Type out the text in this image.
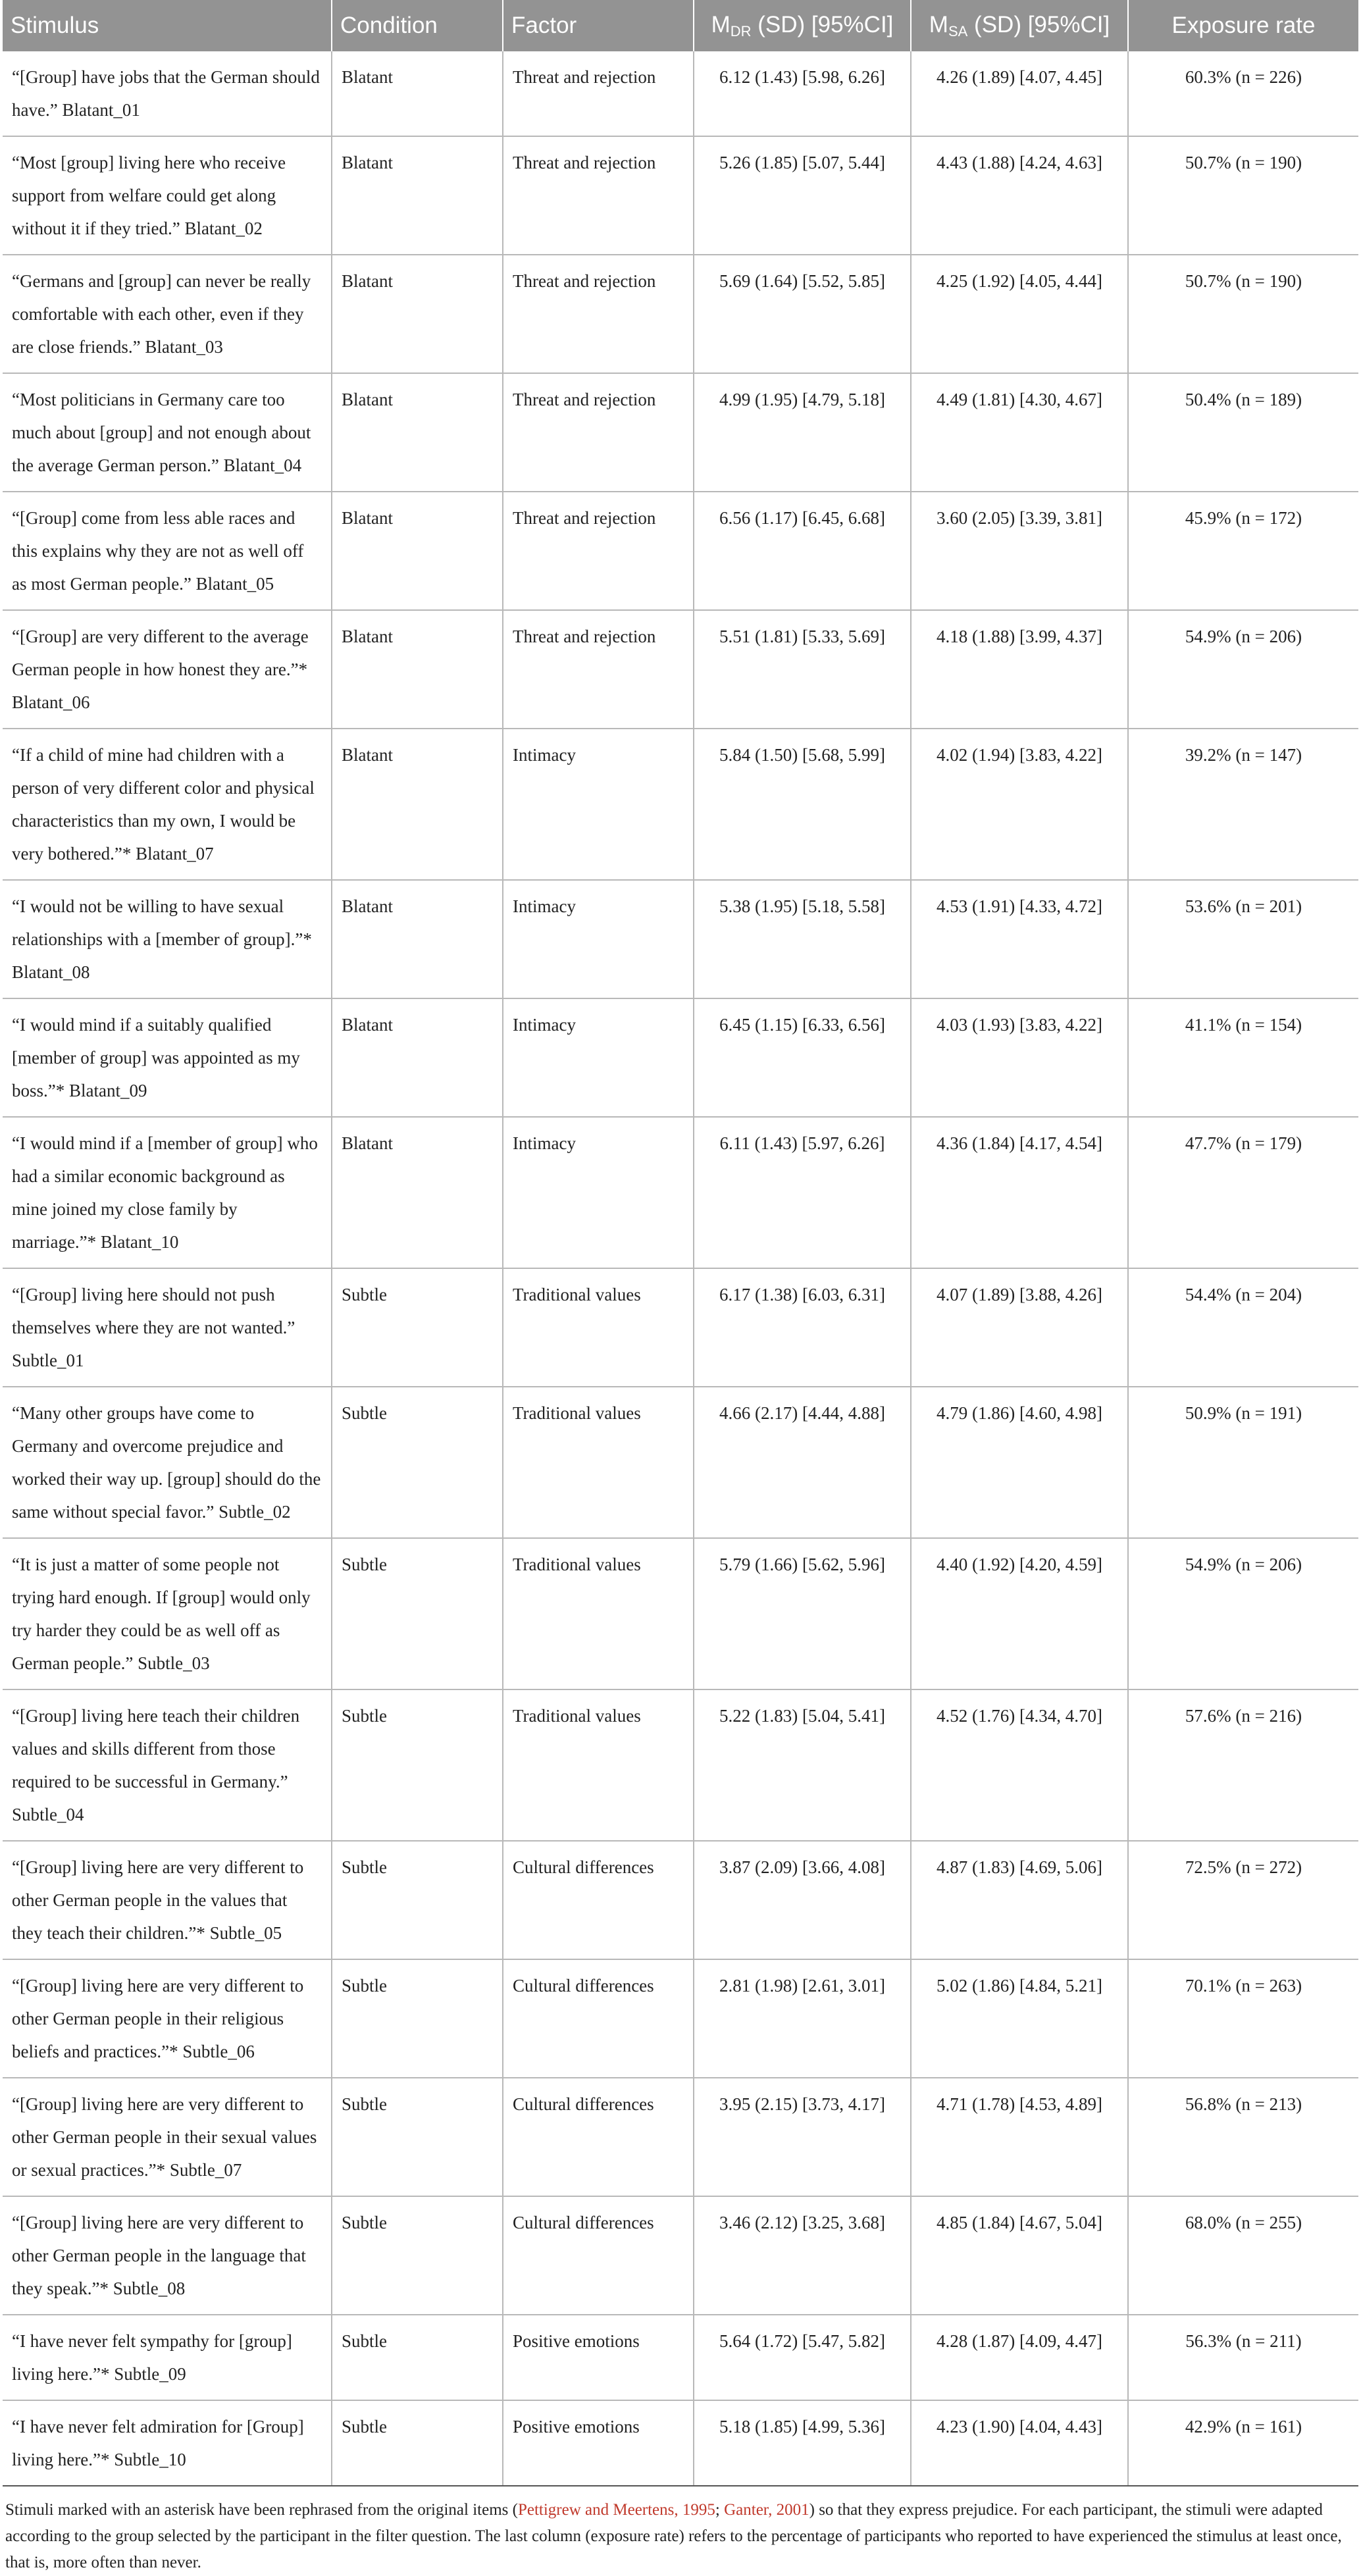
Stimulus	Condition	Factor	$M_{DR}$ (SD) [95%CI]	$M_{SA}$ (SD) [95%CI]	Exposure rate
“[Group] have jobs that the German should have.” Blatant_01	Blatant	Threat and rejection	6.12 (1.43) [5.98, 6.26]	4.26 (1.89) [4.07, 4.45]	60.3% (n = 226)
“Most [group] living here who receive support from welfare could get along without it if they tried.” Blatant_02	Blatant	Threat and rejection	5.26 (1.85) [5.07, 5.44]	4.43 (1.88) [4.24, 4.63]	50.7% (n = 190)
“Germans and [group] can never be really comfortable with each other, even if they are close friends.” Blatant_03	Blatant	Threat and rejection	5.69 (1.64) [5.52, 5.85]	4.25 (1.92) [4.05, 4.44]	50.7% (n = 190)
“Most politicians in Germany care too much about [group] and not enough about the average German person.” Blatant_04	Blatant	Threat and rejection	4.99 (1.95) [4.79, 5.18]	4.49 (1.81) [4.30, 4.67]	50.4% (n = 189)
“[Group] come from less able races and this explains why they are not as well off as most German people.” Blatant_05	Blatant	Threat and rejection	6.56 (1.17) [6.45, 6.68]	3.60 (2.05) [3.39, 3.81]	45.9% (n = 172)
“[Group] are very different to the average German people in how honest they are.”* Blatant_06	Blatant	Threat and rejection	5.51 (1.81) [5.33, 5.69]	4.18 (1.88) [3.99, 4.37]	54.9% (n = 206)
“If a child of mine had children with a person of very different color and physical characteristics than my own, I would be very bothered.”* Blatant_07	Blatant	Intimacy	5.84 (1.50) [5.68, 5.99]	4.02 (1.94) [3.83, 4.22]	39.2% (n = 147)
“I would not be willing to have sexual relationships with a [member of group].”* Blatant_08	Blatant	Intimacy	5.38 (1.95) [5.18, 5.58]	4.53 (1.91) [4.33, 4.72]	53.6% (n = 201)
“I would mind if a suitably qualified [member of group] was appointed as my boss.”* Blatant_09	Blatant	Intimacy	6.45 (1.15) [6.33, 6.56]	4.03 (1.93) [3.83, 4.22]	41.1% (n = 154)
“I would mind if a [member of group] who had a similar economic background as mine joined my close family by marriage.”* Blatant_10	Blatant	Intimacy	6.11 (1.43) [5.97, 6.26]	4.36 (1.84) [4.17, 4.54]	47.7% (n = 179)
“[Group] living here should not push themselves where they are not wanted.” Subtle_01	Subtle	Traditional values	6.17 (1.38) [6.03, 6.31]	4.07 (1.89) [3.88, 4.26]	54.4% (n = 204)
“Many other groups have come to Germany and overcome prejudice and worked their way up. [group] should do the same without special favor.” Subtle_02	Subtle	Traditional values	4.66 (2.17) [4.44, 4.88]	4.79 (1.86) [4.60, 4.98]	50.9% (n = 191)
“It is just a matter of some people not trying hard enough. If [group] would only try harder they could be as well off as German people.” Subtle_03	Subtle	Traditional values	5.79 (1.66) [5.62, 5.96]	4.40 (1.92) [4.20, 4.59]	54.9% (n = 206)
“[Group] living here teach their children values and skills different from those required to be successful in Germany.” Subtle_04	Subtle	Traditional values	5.22 (1.83) [5.04, 5.41]	4.52 (1.76) [4.34, 4.70]	57.6% (n = 216)
“[Group] living here are very different to other German people in the values that they teach their children.”* Subtle_05	Subtle	Cultural differences	3.87 (2.09) [3.66, 4.08]	4.87 (1.83) [4.69, 5.06]	72.5% (n = 272)
“[Group] living here are very different to other German people in their religious beliefs and practices.”* Subtle_06	Subtle	Cultural differences	2.81 (1.98) [2.61, 3.01]	5.02 (1.86) [4.84, 5.21]	70.1% (n = 263)
“[Group] living here are very different to other German people in their sexual values or sexual practices.”* Subtle_07	Subtle	Cultural differences	3.95 (2.15) [3.73, 4.17]	4.71 (1.78) [4.53, 4.89]	56.8% (n = 213)
“[Group] living here are very different to other German people in the language that they speak.”* Subtle_08	Subtle	Cultural differences	3.46 (2.12) [3.25, 3.68]	4.85 (1.84) [4.67, 5.04]	68.0% (n = 255)
“I have never felt sympathy for [group] living here.”* Subtle_09	Subtle	Positive emotions	5.64 (1.72) [5.47, 5.82]	4.28 (1.87) [4.09, 4.47]	56.3% (n = 211)
“I have never felt admiration for [Group] living here.”* Subtle_10	Subtle	Positive emotions	5.18 (1.85) [4.99, 5.36]	4.23 (1.90) [4.04, 4.43]	42.9% (n = 161)
Stimuli marked with an asterisk have been rephrased from the original items (Pettigrew and Meertens, 1995; Ganter, 2001) so that they express prejudice. For each participant, the stimuli were adapted according to the group selected by the participant in the filter question. The last column (exposure rate) refers to the percentage of participants who reported to have experienced the stimulus at least once, that is, more often than never.
